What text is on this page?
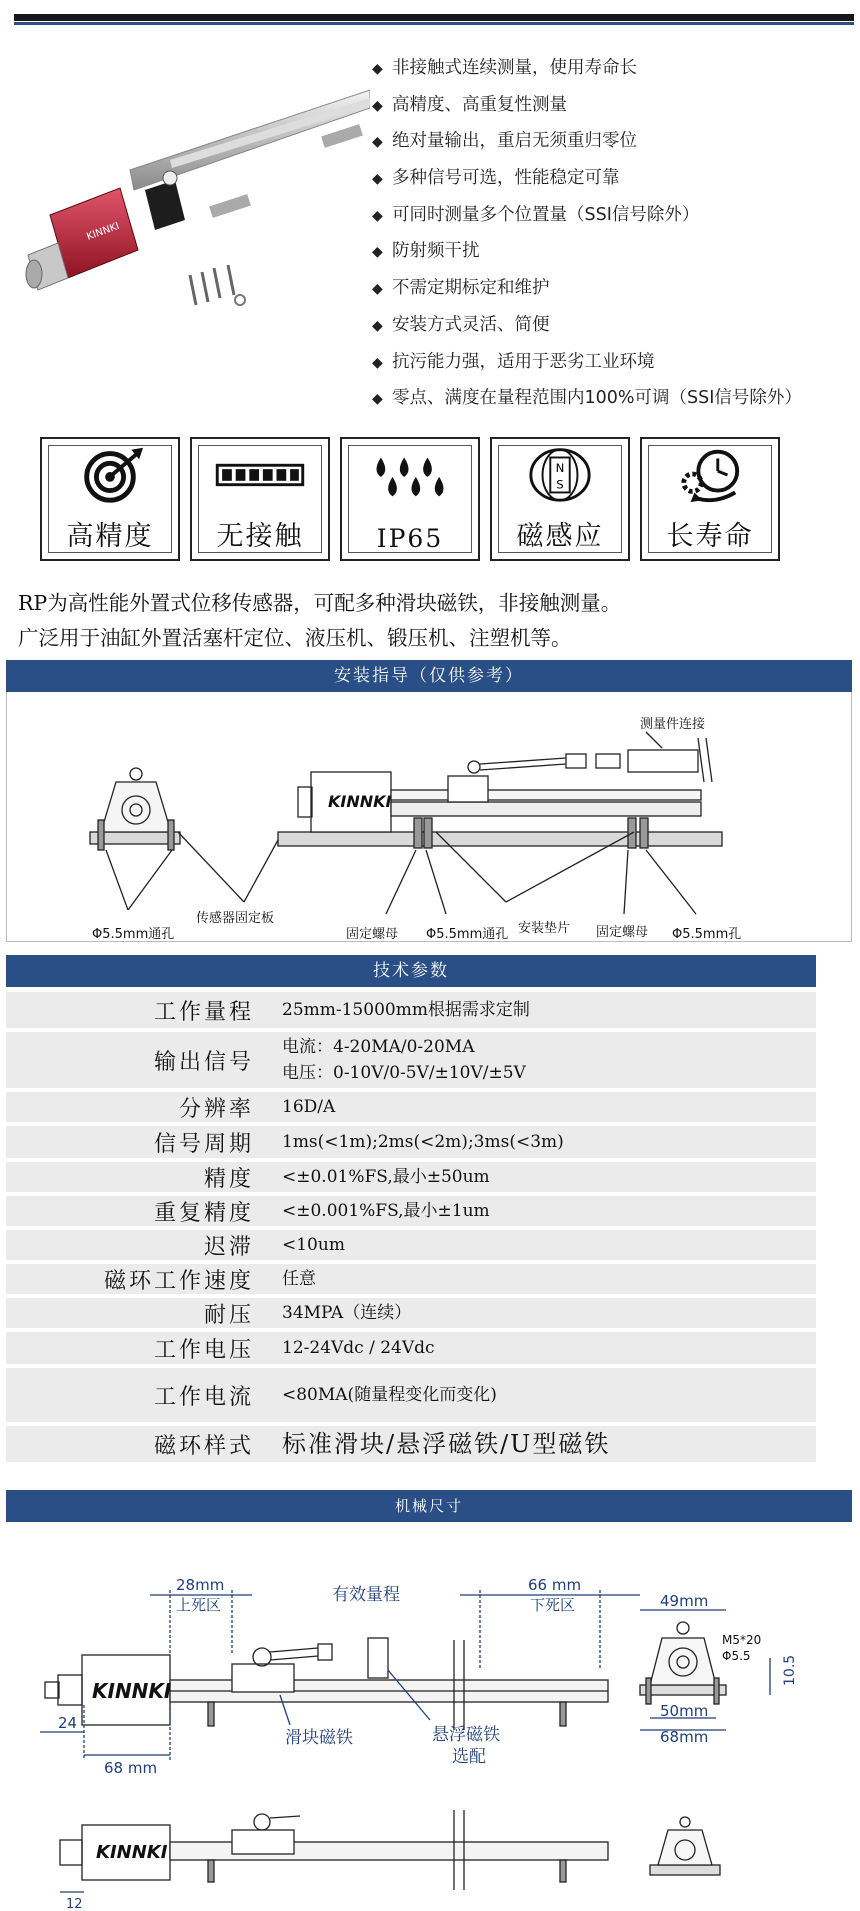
KINNKI
◆ 非接触式连续测量，使用寿命长
◆ 高精度、高重复性测量
◆ 绝对量输出，重启无须重归零位
◆ 多种信号可选，性能稳定可靠
◆ 可同时测量多个位置量（SSI信号除外）
◆ 防射频干扰
◆ 不需定期标定和维护
◆ 安装方式灵活、简便
◆ 抗污能力强，适用于恶劣工业环境
◆ 零点、满度在量程范围内100%可调（SSI信号除外）
高精度	无接触	IP65
N
S
磁感应	长寿命
RP为高性能外置式位移传感器，可配多种滑块磁铁，非接触测量。
广泛用于油缸外置活塞杆定位、液压机、锻压机、注塑机等。
安装指导（仅供参考）
KINNKI
测量件连接
传感器固定板
Φ5.5mm通孔	固定螺母 Φ5.5mm通孔 安装垫片 固定螺母 Φ5.5mm孔
技术参数
工作量程	25mm-15000mm根据需求定制
输出信号
电流：4-20MA/0-20MA
电压：0-10V/0-5V/±10V/±5V
分辨率	16D/A
信号周期	1ms(<1m);2ms(<2m);3ms(<3m)
精度	<±0.01%FS,最小±50um
重复精度	<±0.001%FS,最小±1um
迟滞	<10um
磁环工作速度	任意
耐压	34MPA（连续）
工作电压	12-24Vdc / 24Vdc
工作电流	<80MA(随量程变化而变化)
磁环样式	标准滑块/悬浮磁铁/U型磁铁
机械尺寸
28mm
上死区	有效量程	66 mm
下死区	49mm
M5*20
Φ5.5 10.5
24
68 mm
滑块磁铁	悬浮磁铁
选配
50mm
68mm
12
KINNKI
KINNKI
